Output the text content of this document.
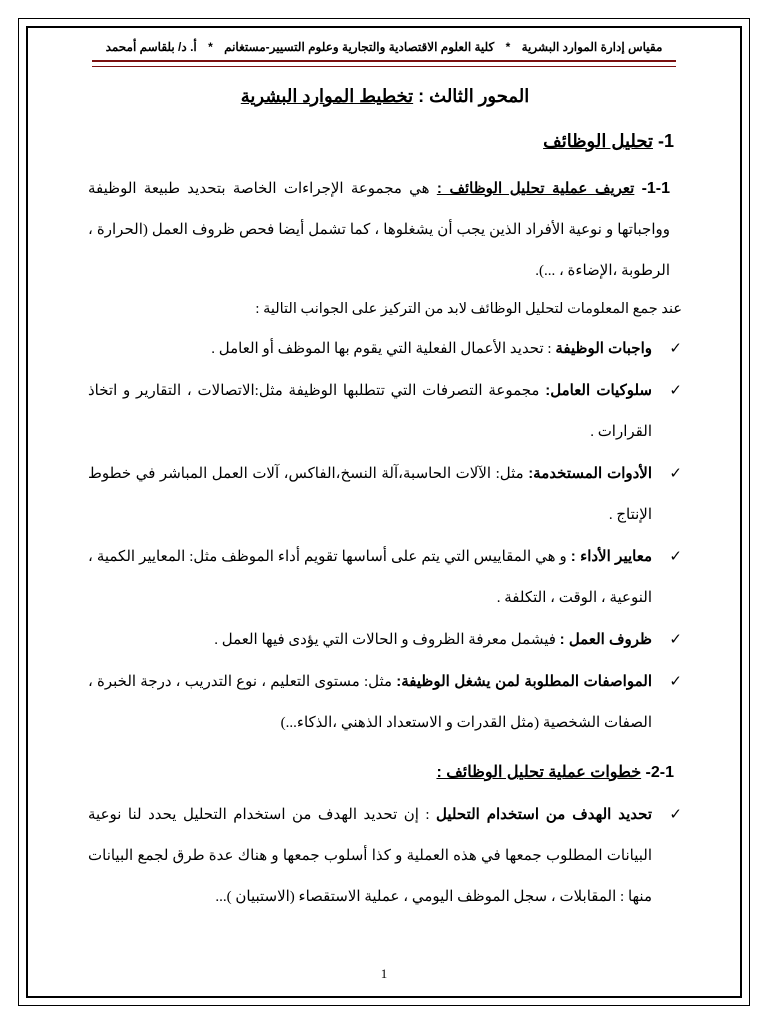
مقياس إدارة الموارد البشرية * كلية العلوم الاقتصادية والتجارية وعلوم التسيير-مستغانم * أ. د/ بلقاسم أمحمد
المحور الثالث : تخطيط الموارد البشرية
1- تحليل الوظائف
1-1- تعريف عملية تحليل الوظائف : هي مجموعة الإجراءات الخاصة بتحديد طبيعة الوظيفة وواجباتها و نوعية الأفراد الذين يجب أن يشغلوها ، كما تشمل أيضا فحص ظروف العمل (الحرارة ، الرطوبة ،الإضاءة ، ...).
عند جمع المعلومات لتحليل الوظائف لابد من التركيز على الجوانب التالية :
✓
واجبات الوظيفة : تحديد الأعمال الفعلية التي يقوم بها الموظف أو العامل .
✓
سلوكيات العامل: مجموعة التصرفات التي تتطلبها الوظيفة مثل:الاتصالات ، التقارير و اتخاذ القرارات .
✓
الأدوات المستخدمة: مثل: الآلات الحاسبة،آلة النسخ،الفاكس، آلات العمل المباشر في خطوط الإنتاج .
✓
معايير الأداء : و هي المقاييس التي يتم على أساسها تقويم أداء الموظف مثل: المعايير الكمية ، النوعية ، الوقت ، التكلفة .
✓
ظروف العمل : فيشمل معرفة الظروف و الحالات التي يؤدى فيها العمل .
✓
المواصفات المطلوبة لمن يشغل الوظيفة: مثل: مستوى التعليم ، نوع التدريب ، درجة الخبرة ، الصفات الشخصية (مثل القدرات و الاستعداد الذهني ،الذكاء...)
2-1- خطوات عملية تحليل الوظائف :
✓
تحديد الهدف من استخدام التحليل : إن تحديد الهدف من استخدام التحليل يحدد لنا نوعية البيانات المطلوب جمعها في هذه العملية و كذا أسلوب جمعها و هناك عدة طرق لجمع البيانات منها : المقابلات ، سجل الموظف اليومي ، عملية الاستقصاء (الاستبيان )...
1
